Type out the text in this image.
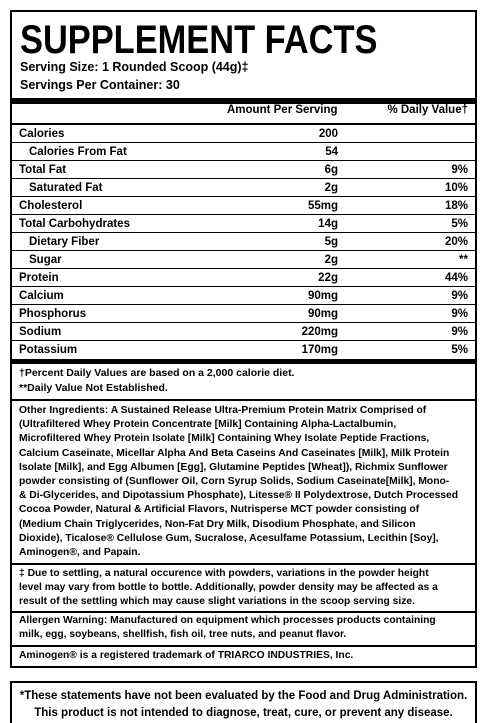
SUPPLEMENT FACTS
Serving Size: 1 Rounded Scoop (44g)‡
Servings Per Container: 30
Amount Per Serving	% Daily Value†
Calories	200
Calories From Fat	54
Total Fat	6g	9%
Saturated Fat	2g	10%
Cholesterol	55mg	18%
Total Carbohydrates	14g	5%
Dietary Fiber	5g	20%
Sugar	2g	**
Protein	22g	44%
Calcium	90mg	9%
Phosphorus	90mg	9%
Sodium	220mg	9%
Potassium	170mg	5%
†Percent Daily Values are based on a 2,000 calorie diet.
**Daily Value Not Established.
Other Ingredients: A Sustained Release Ultra-Premium Protein Matrix Comprised of
(Ultrafiltered Whey Protein Concentrate [Milk] Containing Alpha-Lactalbumin,
Microfiltered Whey Protein Isolate [Milk] Containing Whey Isolate Peptide Fractions,
Calcium Caseinate, Micellar Alpha And Beta Caseins And Caseinates [Milk], Milk Protein
Isolate [Milk], and Egg Albumen [Egg], Glutamine Peptides [Wheat]), Richmix Sunflower
powder consisting of (Sunflower Oil, Corn Syrup Solids, Sodium Caseinate[Milk], Mono-
& Di-Glycerides, and Dipotassium Phosphate), Litesse® II Polydextrose, Dutch Processed
Cocoa Powder, Natural & Artificial Flavors, Nutrisperse MCT powder consisting of
(Medium Chain Triglycerides, Non-Fat Dry Milk, Disodium Phosphate, and Silicon
Dioxide), Ticalose® Cellulose Gum, Sucralose, Acesulfame Potassium, Lecithin [Soy],
Aminogen®, and Papain.
‡ Due to settling, a natural occurence with powders, variations in the powder height
level may vary from bottle to bottle. Additionally, powder density may be affected as a
result of the settling which may cause slight variations in the scoop serving size.
Allergen Warning: Manufactured on equipment which processes products containing
milk, egg, soybeans, shellfish, fish oil, tree nuts, and peanut flavor.
Aminogen® is a registered trademark of TRIARCO INDUSTRIES, Inc.
*These statements have not been evaluated by the Food and Drug Administration.
This product is not intended to diagnose, treat, cure, or prevent any disease.
